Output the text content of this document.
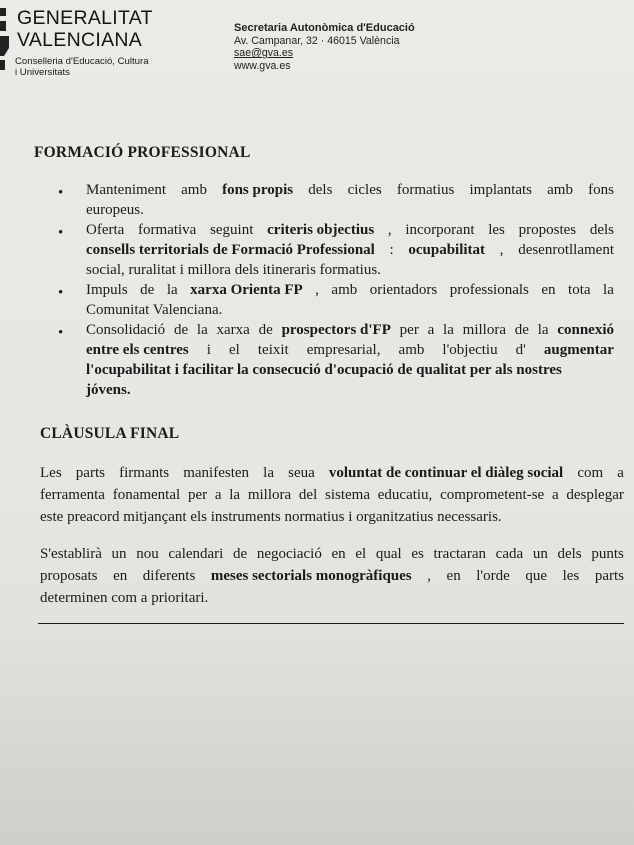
GENERALITAT
VALENCIANA
Conselleria d'Educació, Cultura
i Universitats
Secretaria Autonòmica d'Educació
Av. Campanar, 32 · 46015 València
sae@gva.es
www.gva.es
FORMACIÓ PROFESSIONAL
• Manteniment amb fons propis dels cicles formatius implantats amb fons
europeus.
• Oferta formativa seguint criteris objectius , incorporant les propostes dels
consells territorials de Formació Professional : ocupabilitat , desenrotllament
social, ruralitat i millora dels itineraris formatius.
• Impuls de la xarxa Orienta FP , amb orientadors professionals en tota la
Comunitat Valenciana.
• Consolidació de la xarxa de prospectors d'FP per a la millora de la connexió
entre els centres i el teixit empresarial, amb l'objectiu d' augmentar
l'ocupabilitat i facilitar la consecució d'ocupació de qualitat per als nostres
jóvens.
CLÀUSULA FINAL
Les parts firmants manifesten la seua voluntat de continuar el diàleg social com a
ferramenta fonamental per a la millora del sistema educatiu, comprometent-se a desplegar
este preacord mitjançant els instruments normatius i organitzatius necessaris.
S'establirà un nou calendari de negociació en el qual es tractaran cada un dels punts
proposats en diferents meses sectorials monogràfiques , en l'orde que les parts
determinen com a prioritari.
